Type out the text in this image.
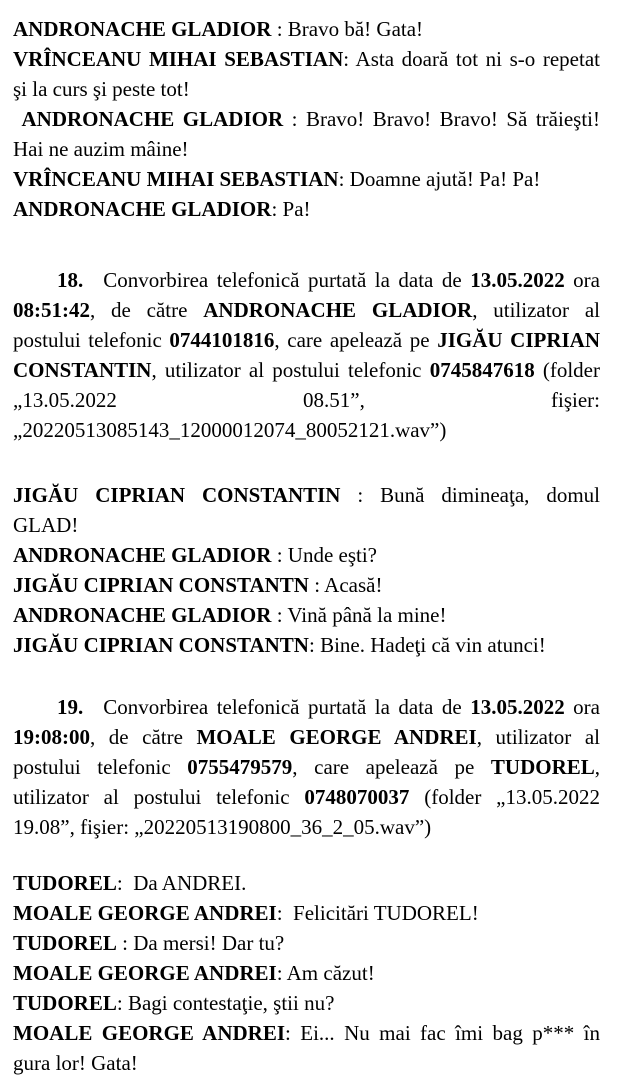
ANDRONACHE GLADIOR : Bravo bă! Gata!

VRÎNCEANU MIHAI SEBASTIAN: Asta doară tot ni s-o repetat şi la curs şi peste tot!

ANDRONACHE GLADIOR : Bravo! Bravo! Bravo! Să trăieşti! Hai ne auzim mâine!

VRÎNCEANU MIHAI SEBASTIAN: Doamne ajută! Pa! Pa!

ANDRONACHE GLADIOR: Pa!

18. Convorbirea telefonică purtată la data de 13.05.2022 ora 08:51:42, de către ANDRONACHE GLADIOR, utilizator al postului telefonic 0744101816, care apelează pe JIGĂU CIPRIAN CONSTANTIN, utilizator al postului telefonic 0745847618 (folder „13.05.2022 08.51”, fişier: „20220513085143_12000012074_80052121.wav”)

JIGĂU CIPRIAN CONSTANTIN : Bună dimineaţa, domul GLAD!

ANDRONACHE GLADIOR : Unde eşti?

JIGĂU CIPRIAN CONSTANTN : Acasă!

ANDRONACHE GLADIOR : Vină până la mine!

JIGĂU CIPRIAN CONSTANTN: Bine. Hadeţi că vin atunci!

19. Convorbirea telefonică purtată la data de 13.05.2022 ora 19:08:00, de către MOALE GEORGE ANDREI, utilizator al postului telefonic 0755479579, care apelează pe TUDOREL, utilizator al postului telefonic 0748070037 (folder „13.05.2022 19.08”, fişier: „20220513190800_36_2_05.wav”)

TUDOREL:  Da ANDREI.

MOALE GEORGE ANDREI:  Felicitări TUDOREL!

TUDOREL : Da mersi! Dar tu?

MOALE GEORGE ANDREI: Am căzut!

TUDOREL: Bagi contestaţie, ştii nu?

MOALE GEORGE ANDREI: Ei... Nu mai fac îmi bag p*** în gura lor! Gata!
